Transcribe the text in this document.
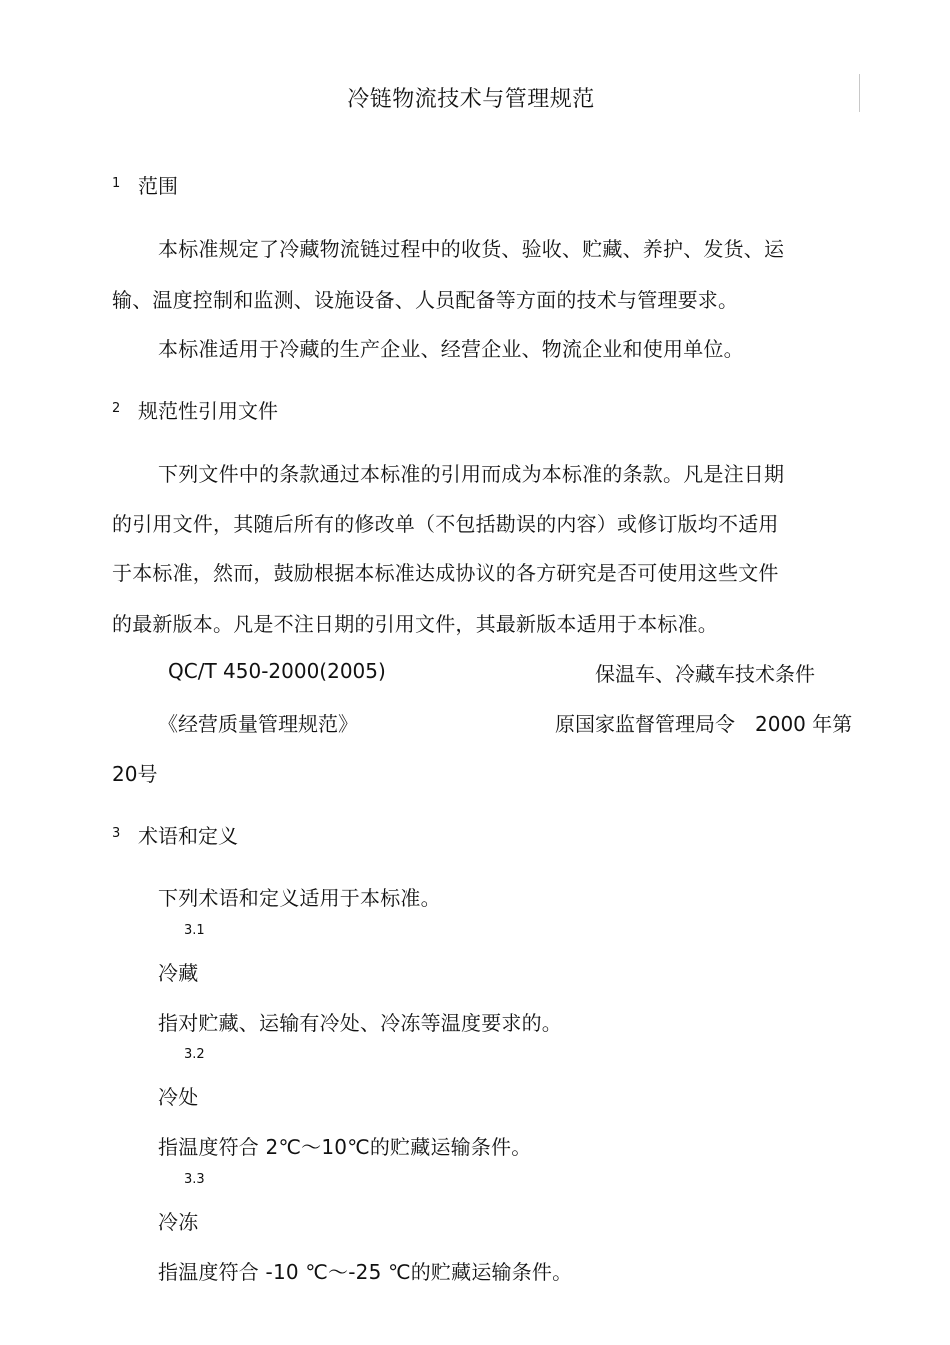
冷链物流技术与管理规范
1 范围
本标准规定了冷藏物流链过程中的收货、验收、贮藏、养护、发货、运
输、温度控制和监测、设施设备、人员配备等方面的技术与管理要求。
本标准适用于冷藏的生产企业、经营企业、物流企业和使用单位。
2 规范性引用文件
下列文件中的条款通过本标准的引用而成为本标准的条款。凡是注日期
的引用文件，其随后所有的修改单（不包括勘误的内容）或修订版均不适用
于本标准，然而，鼓励根据本标准达成协议的各方研究是否可使用这些文件
的最新版本。凡是不注日期的引用文件，其最新版本适用于本标准。
QC/T 450-2000(2005)	保温车、冷藏车技术条件
《经营质量管理规范》	原国家监督管理局令　2000 年第
20号
3 术语和定义
下列术语和定义适用于本标准。
3.1
冷藏
指对贮藏、运输有冷处、冷冻等温度要求的。
3.2
冷处
指温度符合 2℃～10℃的贮藏运输条件。
3.3
冷冻
指温度符合 -10 ℃～-25 ℃的贮藏运输条件。
